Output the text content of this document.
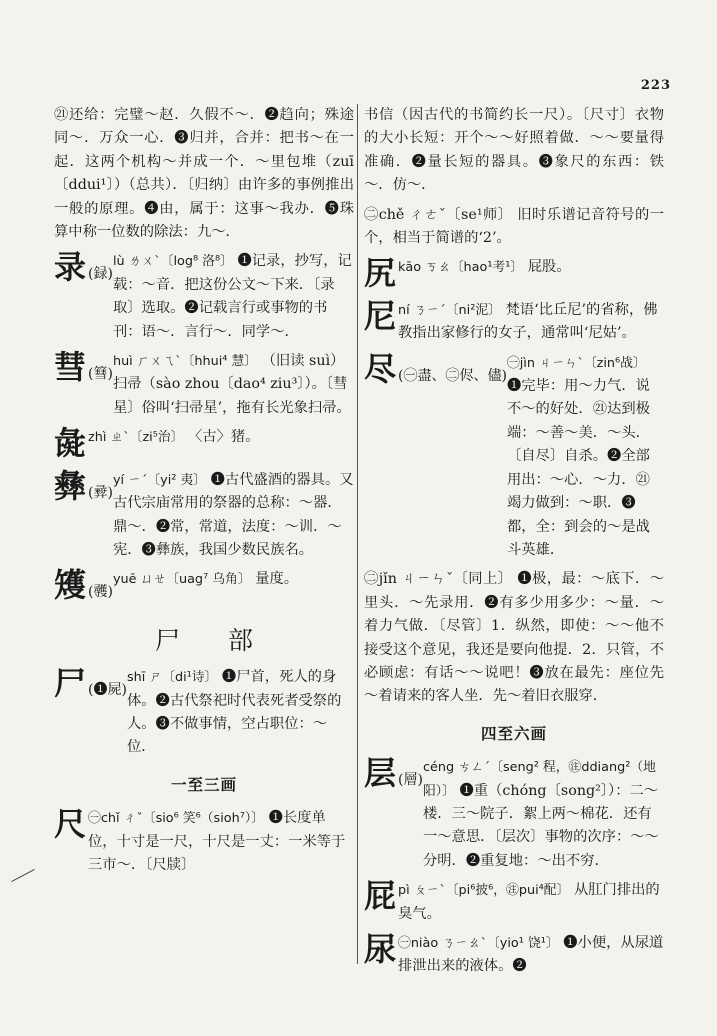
223

㉑还给：完璧～赵．久假不～．❷趋向；殊途同～．万众一心．❸归并，合并：把书～在一起．这两个机构～并成一个．～里包堆（zuī〔ddui¹〕）（总共）．〔归纳〕由许多的事例推出一般的原理。❹由，属于：这事～我办．❺珠算中称一位数的除法：九～．

录 (録)
lù ㄌㄨˋ〔log⁸ 洛⁸〕 ❶记录，抄写，记载：～音．把这份公文～下来．〔录取〕选取。❷记载言行或事物的书刊：语～．言行～．同学～．
彗 (篲)
huì ㄏㄨㄟˋ〔hhui⁴ 慧〕 （旧读 suì）扫帚（sào zhou〔dao⁴ ziu³〕）。〔彗星〕俗叫‘扫帚星’，拖有长光象扫帚。
彘 zhì ㄓˋ〔zi⁵治〕 〈古〉猪。
彝 (彛)
yí ㄧˊ〔yi² 夷〕 ❶古代盛酒的器具。又古代宗庙常用的祭器的总称：～器．鼎～．❷常，常道，法度：～训．～宪．❸彝族，我国少数民族名。
矱 (彠)
yuē ㄩㄝ〔uag⁷ 乌角〕 量度。
尸 部
尸 (❶屍)
shī ㄕ〔di¹诗〕 ❶尸首，死人的身体。❷古代祭祀时代表死者受祭的人。❸不做事情，空占职位：～位．
一至三画
尺 ㊀chǐ ㄔˇ〔sio⁶ 笑⁶（sioh⁷）〕 ❶长度单位，十寸是一尺，十尺是一丈：一米等于三市～．〔尺牍〕

书信（因古代的书简约长一尺）。〔尺寸〕衣物的大小长短：开个～～好照着做．～～要量得准确．❷量长短的器具。❸象尺的东西：铁～．仿～．

㊁chě ㄔㄜˇ〔se¹师〕 旧时乐谱记音符号的一个，相当于简谱的‘2’。

尻 kāo ㄎㄠ〔hao¹考¹〕 屁股。
尼 ní ㄋㄧˊ〔ni²泥〕 梵语‘比丘尼’的省称，佛教指出家修行的女子，通常叫‘尼姑’。
尽 (㊀盡、㊁侭、儘)
㊀jìn ㄐㄧㄣˋ〔zin⁶战〕 ❶完毕：用～力气．说不～的好处．㉑达到极端：～善～美．～头．〔自尽〕自杀。❷全部用出：～心．～力．㉑竭力做到：～职．❸都，全：到会的～是战斗英雄．

㊁jǐn ㄐㄧㄣˇ〔同上〕 ❶极，最：～底下．～里头．～先录用．❷有多少用多少：～量．～着力气做．〔尽管〕1．纵然，即使：～～他不接受这个意见，我还是要向他提．2．只管，不必顾虑：有话～～说吧！❸放在最先：座位先～着请来的客人坐．先～着旧衣服穿．

四至六画
层 (層)
céng ㄘㄥˊ〔seng² 程，㊟ddiang²（地阳）〕 ❶重（chóng〔song²〕）：二～楼．三～院子．絮上两～棉花．还有一～意思．〔层次〕事物的次序：～～分明．❷重复地：～出不穷．
屁 pì ㄆㄧˋ〔pi⁶披⁶，㊟pui⁴配〕 从肛门排出的臭气。
尿 ㊀niào ㄋㄧㄠˋ〔yio¹ 饶¹〕 ❶小便，从尿道排泄出来的液体。❷
